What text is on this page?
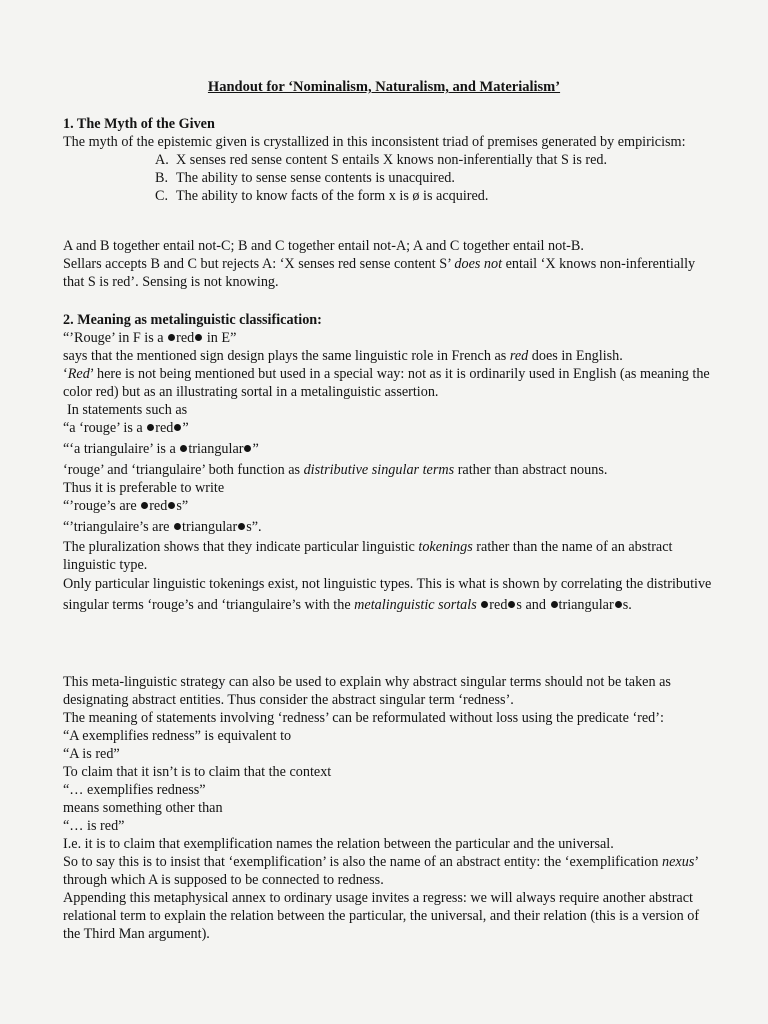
Handout for ‘Nominalism, Naturalism, and Materialism’

1. The Myth of the Given

The myth of the epistemic given is crystallized in this inconsistent triad of premises generated by empiricism:

A. X senses red sense content S entails X knows non-inferentially that S is red.
B. The ability to sense sense contents is unacquired.
C. The ability to know facts of the form x is ø is acquired.

A and B together entail not-C; B and C together entail not-A; A and C together entail not-B.

Sellars accepts B and C but rejects A: ‘X senses red sense content S’ does not entail ‘X knows non-inferentially that S is red’. Sensing is not knowing.

2. Meaning as metalinguistic classification:

“’Rouge’ in F is a red in E”

says that the mentioned sign design plays the same linguistic role in French as red does in English.

‘Red’ here is not being mentioned but used in a special way: not as it is ordinarily used in English (as meaning the color red) but as an illustrating sortal in a metalinguistic assertion.

In statements such as

“a ‘rouge’ is a red ”

“‘a triangulaire’ is a triangular ”

‘rouge’ and ‘triangulaire’ both function as distributive singular terms rather than abstract nouns.

Thus it is preferable to write

“’rouge’s are red s”

“’triangulaire’s are triangular s”.

The pluralization shows that they indicate particular linguistic tokenings rather than the name of an abstract linguistic type.

Only particular linguistic tokenings exist, not linguistic types. This is what is shown by correlating the distributive singular terms ‘rouge’s and ‘triangulaire’s with the metalinguistic sortals red s and triangular s.

This meta-linguistic strategy can also be used to explain why abstract singular terms should not be taken as designating abstract entities. Thus consider the abstract singular term ‘redness’.

The meaning of statements involving ‘redness’ can be reformulated without loss using the predicate ‘red’:

“A exemplifies redness” is equivalent to

“A is red”

To claim that it isn’t is to claim that the context

“… exemplifies redness”

means something other than

“… is red”

I.e. it is to claim that exemplification names the relation between the particular and the universal.

So to say this is to insist that ‘exemplification’ is also the name of an abstract entity: the ‘exemplification nexus’ through which A is supposed to be connected to redness.

Appending this metaphysical annex to ordinary usage invites a regress: we will always require another abstract relational term to explain the relation between the particular, the universal, and their relation (this is a version of the Third Man argument).
